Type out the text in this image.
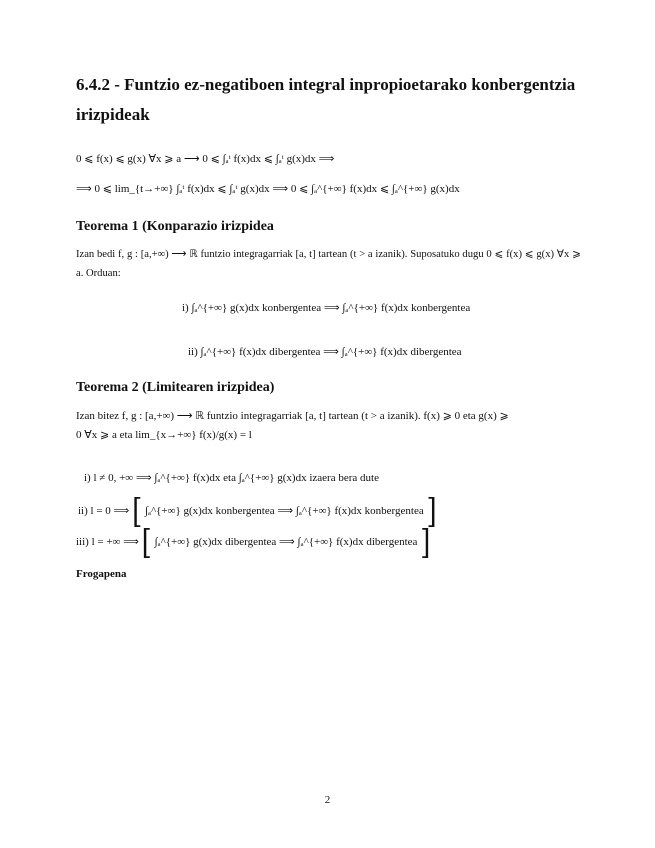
6.4.2 - Funtzio ez-negatiboen integral inpropioetarako konbergentzia irizpideak
0 ⩽ f(x) ⩽ g(x) ∀x ⩾ a ⟶ 0 ⩽ ∫ₐᵗ f(x)dx ⩽ ∫ₐᵗ g(x)dx ⟹
⟹ 0 ⩽ lim_{t→+∞} ∫ₐᵗ f(x)dx ⩽ ∫ₐᵗ g(x)dx ⟹ 0 ⩽ ∫ₐ^{+∞} f(x)dx ⩽ ∫ₐ^{+∞} g(x)dx
Teorema 1 (Konparazio irizpidea
Izan bedi f, g : [a,+∞) ⟶ ℝ funtzio integragarriak [a, t] tartean (t > a izanik). Suposatuko dugu 0 ⩽ f(x) ⩽ g(x) ∀x ⩾ a. Orduan:
i) ∫ₐ^{+∞} g(x)dx konbergentea ⟹ ∫ₐ^{+∞} f(x)dx konbergentea
ii) ∫ₐ^{+∞} f(x)dx dibergentea ⟹ ∫ₐ^{+∞} f(x)dx dibergentea
Teorema 2 (Limitearen irizpidea)
Izan bitez f, g : [a,+∞) ⟶ ℝ funtzio integragarriak [a, t] tartean (t > a izanik). f(x) ⩾ 0 eta g(x) ⩾
0 ∀x ⩾ a eta lim_{x→+∞} f(x)/g(x) = l
i) l ≠ 0, +∞ ⟹ ∫ₐ^{+∞} f(x)dx eta ∫ₐ^{+∞} g(x)dx izaera bera dute
ii) l = 0 ⟹ [ ∫ₐ^{+∞} g(x)dx konbergentea ⟹ ∫ₐ^{+∞} f(x)dx konbergentea ]
iii) l = +∞ ⟹ [ ∫ₐ^{+∞} g(x)dx dibergentea ⟹ ∫ₐ^{+∞} f(x)dx dibergentea ]
Frogapena
2
